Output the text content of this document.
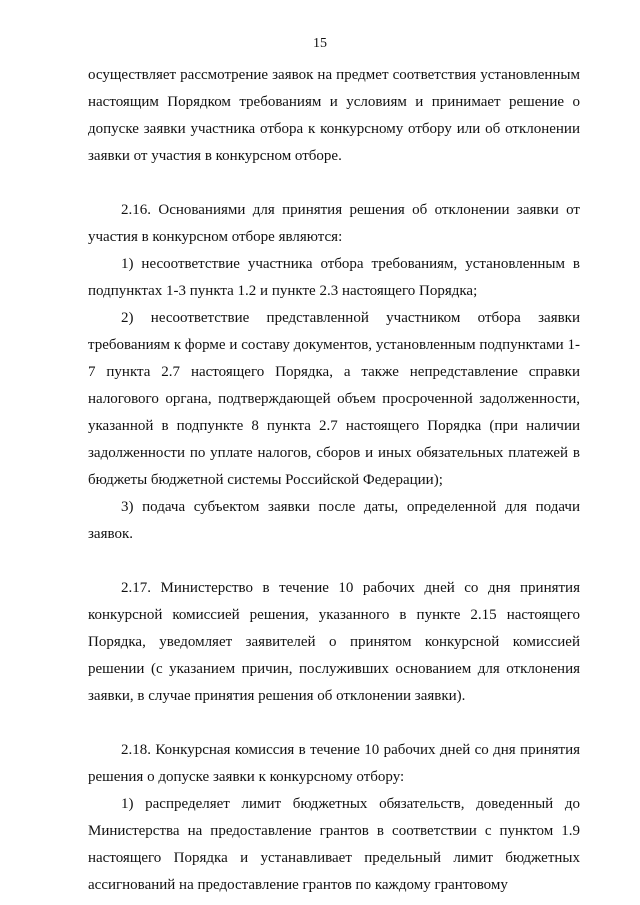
15

осуществляет рассмотрение заявок на предмет соответствия установленным настоящим Порядком требованиям и условиям и принимает решение о допуске заявки участника отбора к конкурсному отбору или об отклонении заявки от участия в конкурсном отборе.

2.16. Основаниями для принятия решения об отклонении заявки от участия в конкурсном отборе являются:

1) несоответствие участника отбора требованиям, установленным в подпунктах 1-3 пункта 1.2 и пункте 2.3 настоящего Порядка;

2) несоответствие представленной участником отбора заявки требованиям к форме и составу документов, установленным подпунктами 1-7 пункта 2.7 настоящего Порядка, а также непредставление справки налогового органа, подтверждающей объем просроченной задолженности, указанной в подпункте 8 пункта 2.7 настоящего Порядка (при наличии задолженности по уплате налогов, сборов и иных обязательных платежей в бюджеты бюджетной системы Российской Федерации);

3) подача субъектом заявки после даты, определенной для подачи заявок.

2.17. Министерство в течение 10 рабочих дней со дня принятия конкурсной комиссией решения, указанного в пункте 2.15 настоящего Порядка, уведомляет заявителей о принятом конкурсной комиссией решении (с указанием причин, послуживших основанием для отклонения заявки, в случае принятия решения об отклонении заявки).

2.18. Конкурсная комиссия в течение 10 рабочих дней со дня принятия решения о допуске заявки к конкурсному отбору:

1) распределяет лимит бюджетных обязательств, доведенный до Министерства на предоставление грантов в соответствии с пунктом 1.9 настоящего Порядка и устанавливает предельный лимит бюджетных ассигнований на предоставление грантов по каждому грантовому
